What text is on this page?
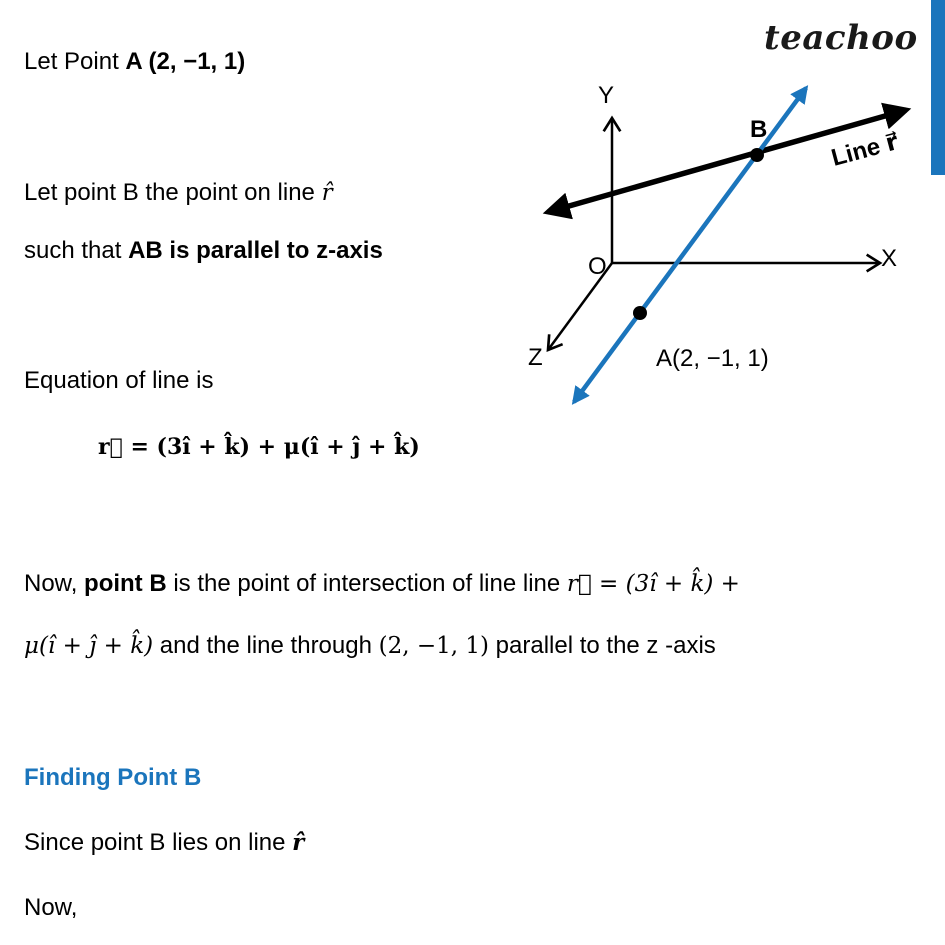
teachoo
Let Point A (2, −1, 1)
Let point B the point on line r̂
such that AB is parallel to z-axis
Equation of line is
r⃗ = (3î + k̂) + μ(î + ĵ + k̂)
Now, point B is the point of intersection of line line r⃗ = (3î + k̂) +
μ(î + ĵ + k̂) and the line through (2, −1, 1) parallel to the z -axis
Finding Point B
Since point B lies on line r̂
Now,
Y
X
Z
O
B
A(2, −1, 1)
Line r⃗
